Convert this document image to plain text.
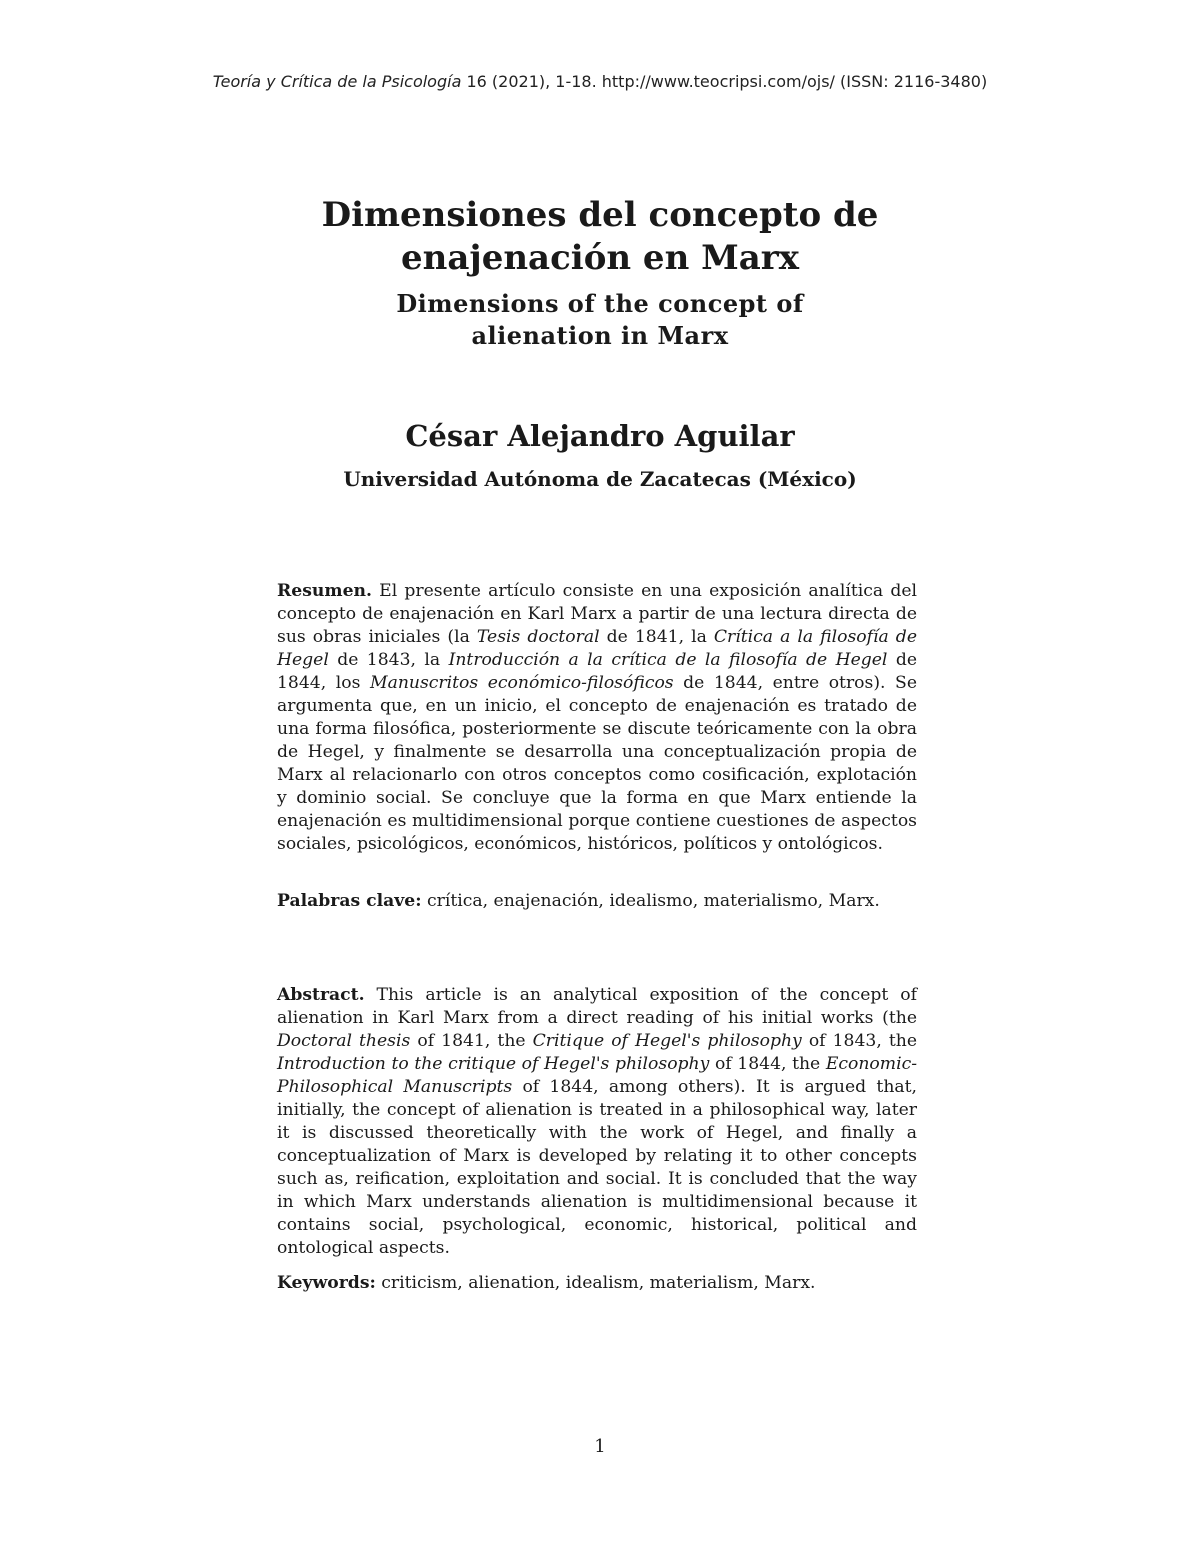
Teoría y Crítica de la Psicología 16 (2021), 1-18. http://www.teocripsi.com/ojs/ (ISSN: 2116-3480)
Dimensiones del concepto de
enajenación en Marx
Dimensions of the concept of
alienation in Marx
César Alejandro Aguilar
Universidad Autónoma de Zacatecas (México)

Resumen. El presente artículo consiste en una exposición analítica del concepto de enajenación en Karl Marx a partir de una lectura directa de sus obras iniciales (la Tesis doctoral de 1841, la Crítica a la filosofía de Hegel de 1843, la Introducción a la crítica de la filosofía de Hegel de 1844, los Manuscritos económico-filosóficos de 1844, entre otros). Se argumenta que, en un inicio, el concepto de enajenación es tratado de una forma filosófica, posteriormente se discute teóricamente con la obra de Hegel, y finalmente se desarrolla una conceptualización propia de Marx al relacionarlo con otros conceptos como cosificación, explotación y dominio social. Se concluye que la forma en que Marx entiende la enajenación es multidimensional porque contiene cuestiones de aspectos sociales, psicológicos, económicos, históricos, políticos y ontológicos.

Palabras clave: crítica, enajenación, idealismo, materialismo, Marx.

Abstract. This article is an analytical exposition of the concept of alienation in Karl Marx from a direct reading of his initial works (the Doctoral thesis of 1841, the Critique of Hegel's philosophy of 1843, the Introduction to the critique of Hegel's philosophy of 1844, the Economic-Philosophical Manuscripts of 1844, among others). It is argued that, initially, the concept of alienation is treated in a philosophical way, later it is discussed theoretically with the work of Hegel, and finally a conceptualization of Marx is developed by relating it to other concepts such as, reification, exploitation and social. It is concluded that the way in which Marx understands alienation is multidimensional because it contains social, psychological, economic, historical, political and ontological aspects.

Keywords: criticism, alienation, idealism, materialism, Marx.

1
